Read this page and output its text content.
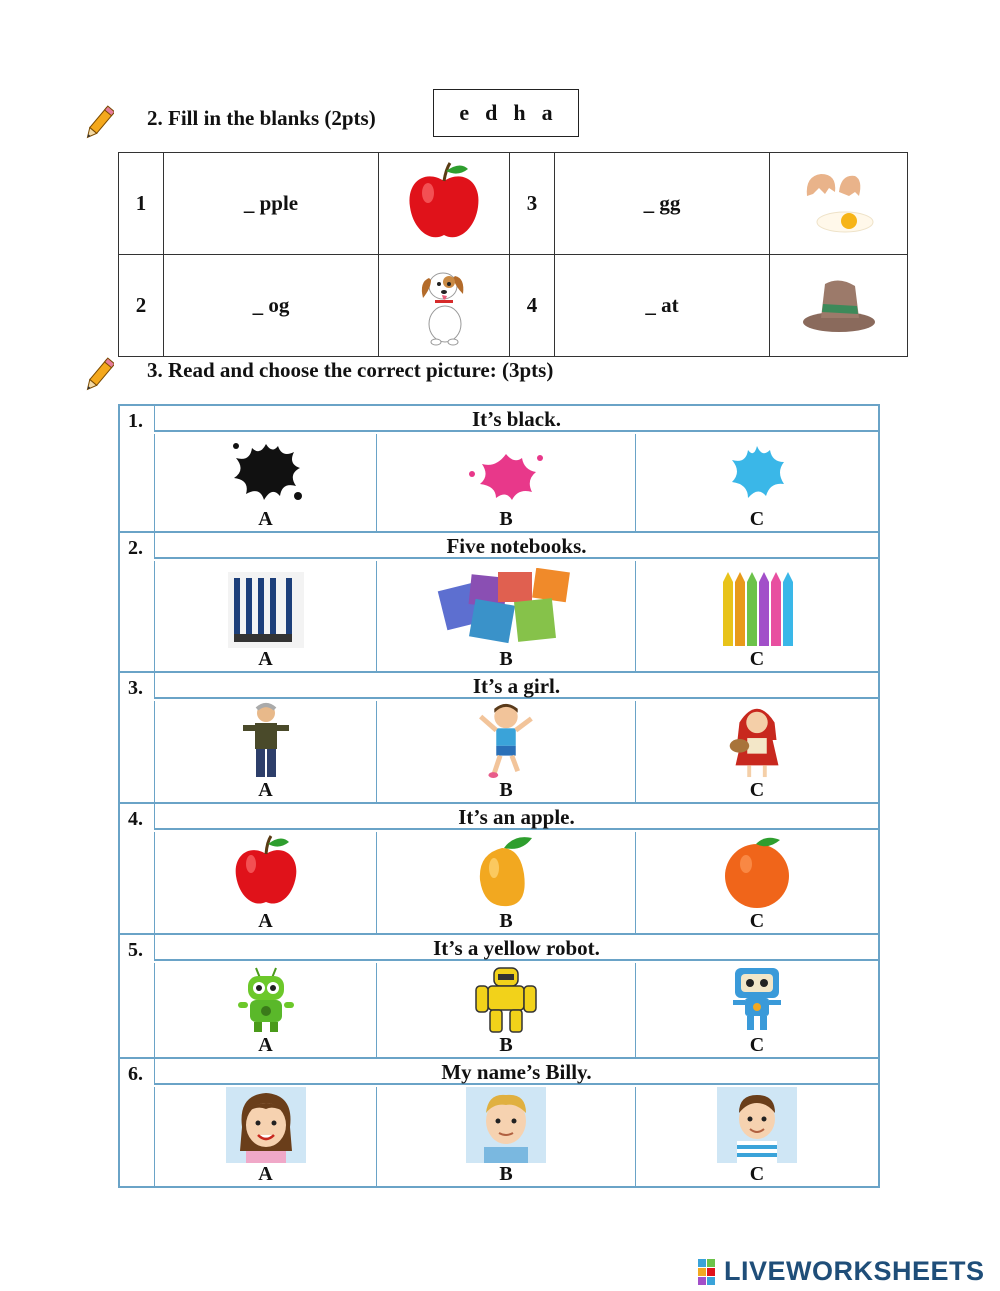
2. Fill in the blanks (2pts)	e d h a
1	_ pple		3	_ gg	
2	_ og		4	_ at	
3. Read and choose the correct picture: (3pts)
1.	It’s black.
A	B	C
2.	Five notebooks.
A	B	C
3.	It’s a girl.
A	B	C
4.	It’s an apple.
A	B	C
5.	It’s a yellow robot.
A	B	C
6.	My name’s Billy.
A	B	C
LIVEWORKSHEETS
